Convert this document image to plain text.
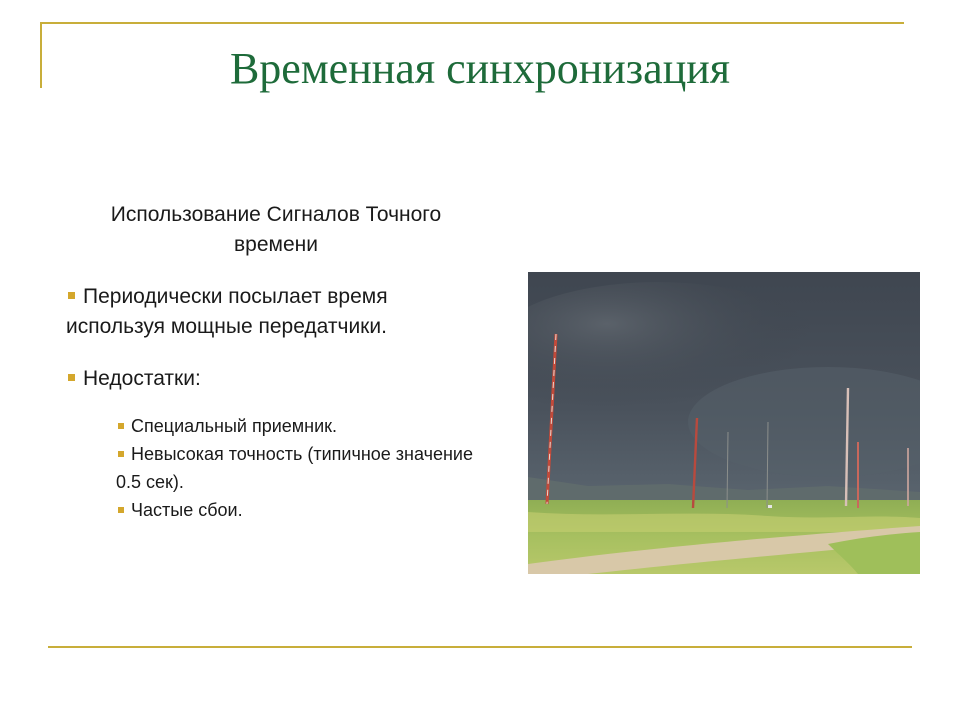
Временная синхронизация
Использование Сигналов Точного времени
Периодически посылает время используя мощные передатчики.
Недостатки:
Специальный приемник.
Невысокая точность (типичное значение 0.5 сек).
Частые сбои.
